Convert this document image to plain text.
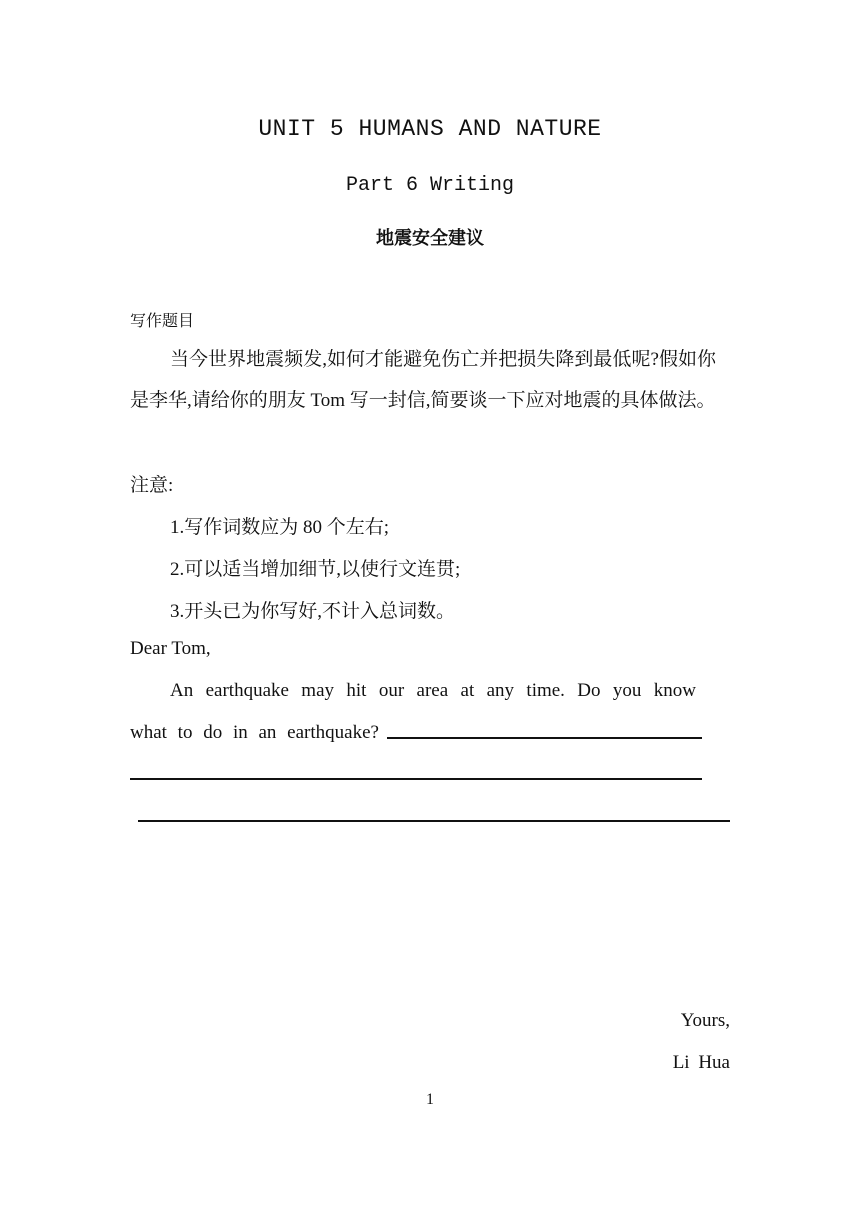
UNIT 5 HUMANS AND NATURE
Part 6 Writing
地震安全建议
写作题目
当今世界地震频发,如何才能避免伤亡并把损失降到最低呢?假如你是李华,请给你的朋友 Tom 写一封信,简要谈一下应对地震的具体做法。
注意:
1.写作词数应为 80 个左右;
2.可以适当增加细节,以使行文连贯;
3.开头已为你写好,不计入总词数。
Dear Tom,
An earthquake may hit our area at any time. Do you know
what to do in an earthquake?
Yours,
Li Hua
1
